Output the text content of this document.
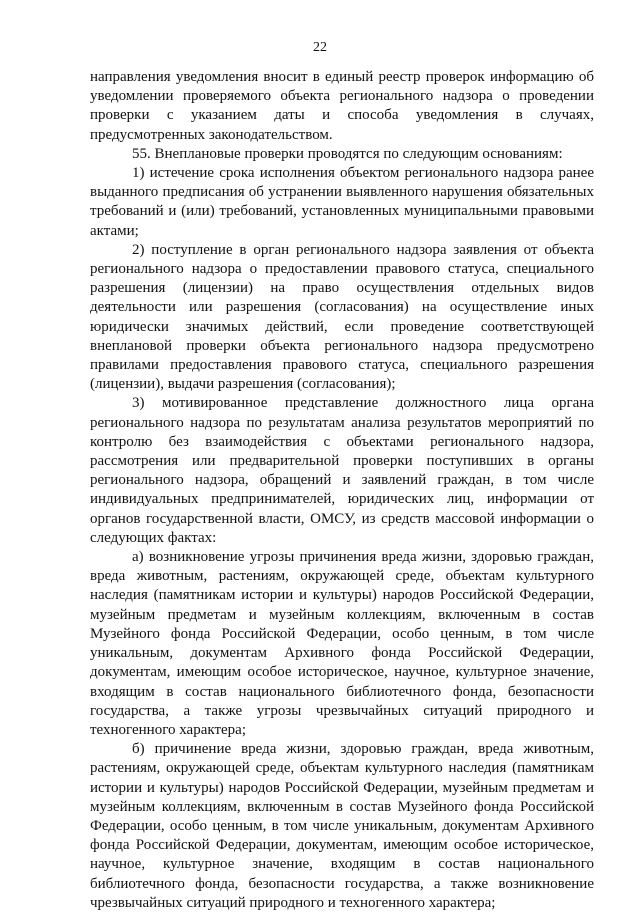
22

направления уведомления вносит в единый реестр проверок информацию об уведомлении проверяемого объекта регионального надзора о проведении проверки с указанием даты и способа уведомления в случаях, предусмотренных законодательством.

55. Внеплановые проверки проводятся по следующим основаниям:

1) истечение срока исполнения объектом регионального надзора ранее выданного предписания об устранении выявленного нарушения обязательных требований и (или) требований, установленных муниципальными правовыми актами;

2) поступление в орган регионального надзора заявления от объекта регионального надзора о предоставлении правового статуса, специального разрешения (лицензии) на право осуществления отдельных видов деятельности или разрешения (согласования) на осуществление иных юридически значимых действий, если проведение соответствующей внеплановой проверки объекта регионального надзора предусмотрено правилами предоставления правового статуса, специального разрешения (лицензии), выдачи разрешения (согласования);

3) мотивированное представление должностного лица органа регионального надзора по результатам анализа результатов мероприятий по контролю без взаимодействия с объектами регионального надзора, рассмотрения или предварительной проверки поступивших в органы регионального надзора, обращений и заявлений граждан, в том числе индивидуальных предпринимателей, юридических лиц, информации от органов государственной власти, ОМСУ, из средств массовой информации о следующих фактах:

а) возникновение угрозы причинения вреда жизни, здоровью граждан, вреда животным, растениям, окружающей среде, объектам культурного наследия (памятникам истории и культуры) народов Российской Федерации, музейным предметам и музейным коллекциям, включенным в состав Музейного фонда Российской Федерации, особо ценным, в том числе уникальным, документам Архивного фонда Российской Федерации, документам, имеющим особое историческое, научное, культурное значение, входящим в состав национального библиотечного фонда, безопасности государства, а также угрозы чрезвычайных ситуаций природного и техногенного характера;

б) причинение вреда жизни, здоровью граждан, вреда животным, растениям, окружающей среде, объектам культурного наследия (памятникам истории и культуры) народов Российской Федерации, музейным предметам и музейным коллекциям, включенным в состав Музейного фонда Российской Федерации, особо ценным, в том числе уникальным, документам Архивного фонда Российской Федерации, документам, имеющим особое историческое, научное, культурное значение, входящим в состав национального библиотечного фонда, безопасности государства, а также возникновение чрезвычайных ситуаций природного и техногенного характера;
